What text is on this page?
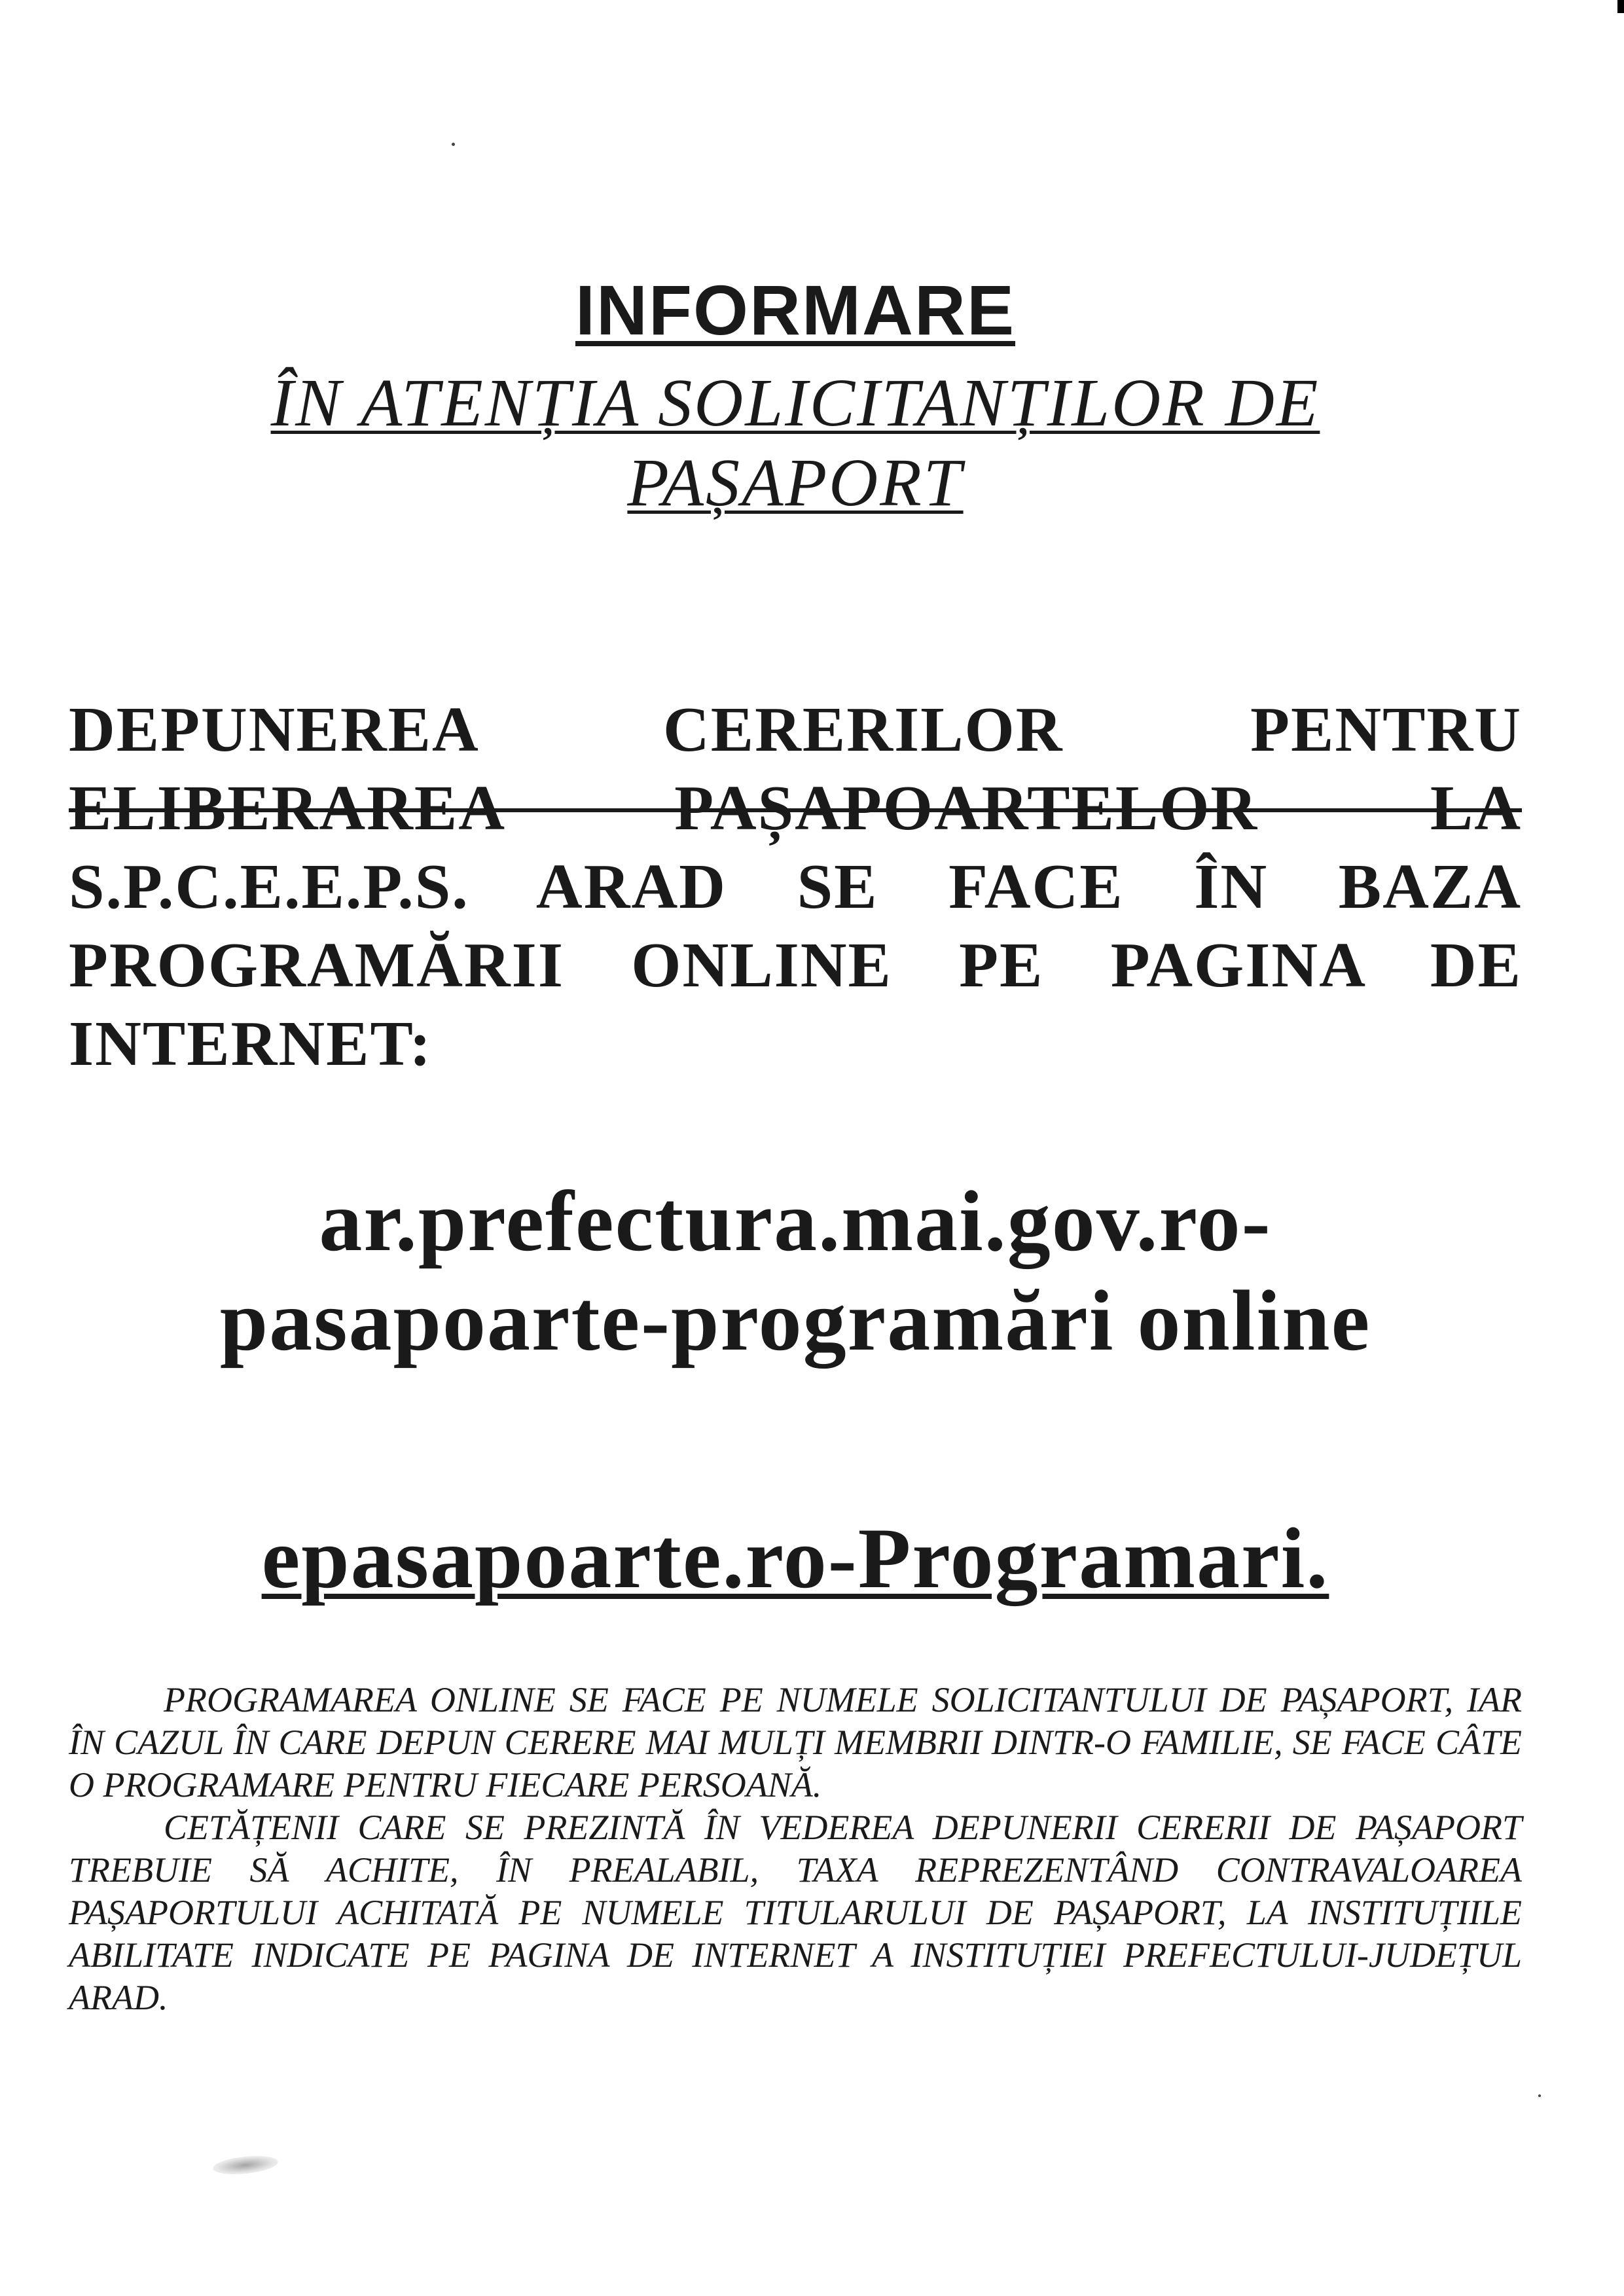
INFORMARE
ÎN ATENȚIA SOLICITANȚILOR DE
PAȘAPORT
DEPUNEREA CERERILOR PENTRU
ELIBERAREA PAȘAPOARTELOR LA
S.P.C.E.E.P.S. ARAD SE FACE ÎN BAZA
PROGRAMĂRII ONLINE PE PAGINA DE
INTERNET:
ar.prefectura.mai.gov.ro-
pasapoarte-programări online
epasapoarte.ro-Programari.

PROGRAMAREA ONLINE SE FACE PE NUMELE SOLICITANTULUI DE PAȘAPORT, IAR ÎN CAZUL ÎN CARE DEPUN CERERE MAI MULȚI MEMBRII DINTR-O FAMILIE, SE FACE CÂTE O PROGRAMARE PENTRU FIECARE PERSOANĂ.

CETĂȚENII CARE SE PREZINTĂ ÎN VEDEREA DEPUNERII CERERII DE PAȘAPORT TREBUIE SĂ ACHITE, ÎN PREALABIL, TAXA REPREZENTÂND CONTRAVALOAREA PAȘAPORTULUI ACHITATĂ PE NUMELE TITULARULUI DE PAȘAPORT, LA INSTITUȚIILE ABILITATE INDICATE PE PAGINA DE INTERNET A INSTITUȚIEI PREFECTULUI-JUDEȚUL ARAD.
